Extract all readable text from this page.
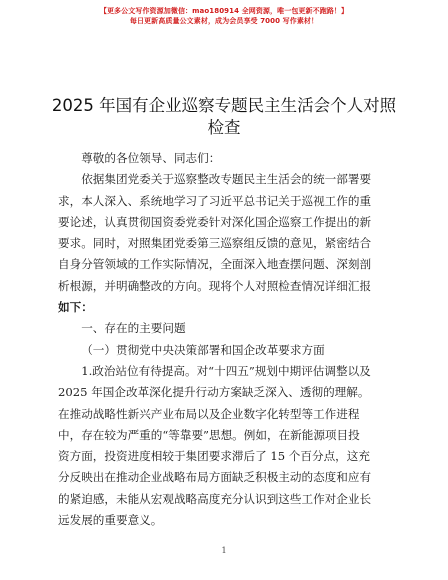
【更多公文写作资源加微信：mao180914 全网资源，唯一包更新不跑路！】
每日更新高质量公文素材，成为会员享受 7000 写作素材！
2025 年国有企业巡察专题民主生活会个人对照
检查

尊敬的各位领导、同志们：

依据集团党委关于巡察整改专题民主生活会的统一部署要
求，本人深入、系统地学习了习近平总书记关于巡视工作的重
要论述，认真贯彻国资委党委针对深化国企巡察工作提出的新
要求。同时，对照集团党委第三巡察组反馈的意见，紧密结合
自身分管领域的工作实际情况，全面深入地查摆问题、深刻剖
析根源，并明确整改的方向。现将个人对照检查情况详细汇报
如下：

一、存在的主要问题

（一）贯彻党中央决策部署和国企改革要求方面

1.政治站位有待提高。对“十四五”规划中期评估调整以及
2025 年国企改革深化提升行动方案缺乏深入、透彻的理解。
在推动战略性新兴产业布局以及企业数字化转型等工作进程
中，存在较为严重的“等靠要”思想。例如，在新能源项目投
资方面，投资进度相较于集团要求滞后了 15 个百分点，这充
分反映出在推动企业战略布局方面缺乏积极主动的态度和应有
的紧迫感，未能从宏观战略高度充分认识到这些工作对企业长
远发展的重要意义。
1
